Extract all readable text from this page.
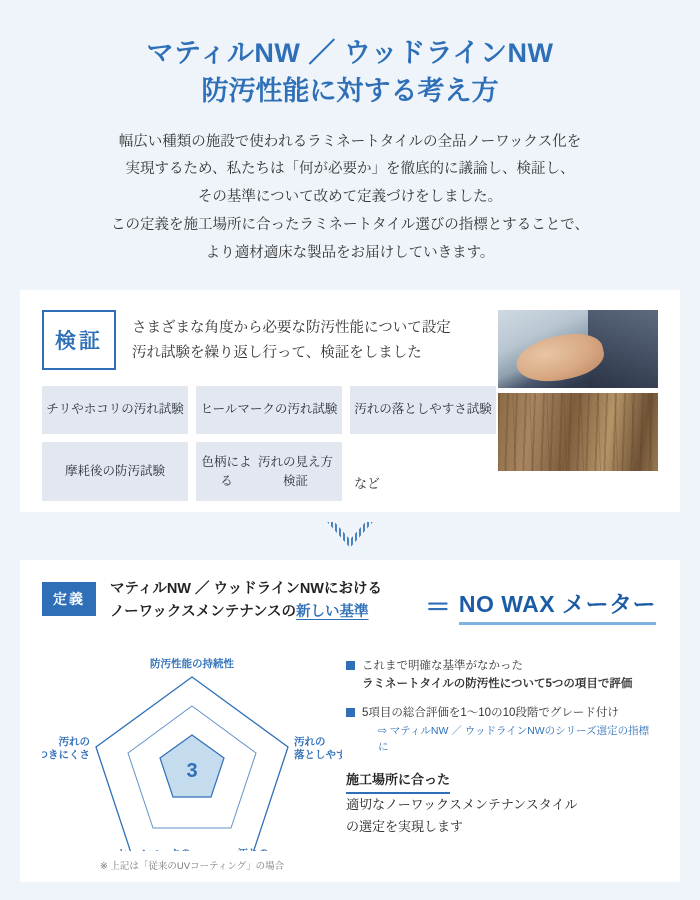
マティルNW ／ ウッドラインNW
防汚性能に対する考え方
幅広い種類の施設で使われるラミネートタイルの全品ノーワックス化を
実現するため、私たちは「何が必要か」を徹底的に議論し、検証し、
その基準について改めて定義づけをしました。
この定義を施工場所に合ったラミネートタイル選びの指標とすることで、
より適材適床な製品をお届けしていきます。
検証
さまざまな角度から必要な防汚性能について設定
汚れ試験を繰り返し行って、検証をしました
チリやホコリの 汚れ試験 ヒールマークの 汚れ試験 汚れの 落としやすさ試験
摩耗後の防汚試験
色柄による

汚れの見え方検証	など
定義
マティルNW ／ ウッドラインNWにおける
ノーワックスメンテナンスの新しい基準	＝ NO WAX メーター
3
防汚性能の持続性
汚れの
落としやす
汚れの
つきにくさ
※ 上記は「従来のUVコーティング」の場合
これまで明確な基準がなかった
ラミネートタイルの防汚性について5つの項目で評価
5項目の総合評価を1〜10の10段階でグレード付け
⇨ マティルNW ／ ウッドラインNWのシリーズ選定の指標に
施工場所に合った
適切なノーワックスメンテナンスタイル
の選定を実現します
